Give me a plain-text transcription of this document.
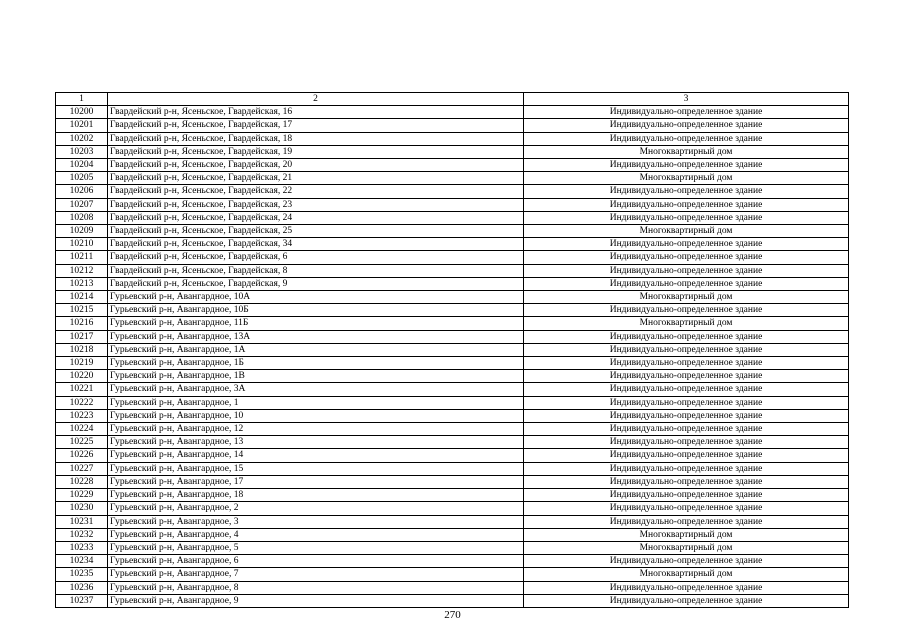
1	2	3
10200	Гвардейский р-н, Ясеньское, Гвардейская, 16	Индивидуально-определенное здание
10201	Гвардейский р-н, Ясеньское, Гвардейская, 17	Индивидуально-определенное здание
10202	Гвардейский р-н, Ясеньское, Гвардейская, 18	Индивидуально-определенное здание
10203	Гвардейский р-н, Ясеньское, Гвардейская, 19	Многоквартирный дом
10204	Гвардейский р-н, Ясеньское, Гвардейская, 20	Индивидуально-определенное здание
10205	Гвардейский р-н, Ясеньское, Гвардейская, 21	Многоквартирный дом
10206	Гвардейский р-н, Ясеньское, Гвардейская, 22	Индивидуально-определенное здание
10207	Гвардейский р-н, Ясеньское, Гвардейская, 23	Индивидуально-определенное здание
10208	Гвардейский р-н, Ясеньское, Гвардейская, 24	Индивидуально-определенное здание
10209	Гвардейский р-н, Ясеньское, Гвардейская, 25	Многоквартирный дом
10210	Гвардейский р-н, Ясеньское, Гвардейская, 34	Индивидуально-определенное здание
10211	Гвардейский р-н, Ясеньское, Гвардейская, 6	Индивидуально-определенное здание
10212	Гвардейский р-н, Ясеньское, Гвардейская, 8	Индивидуально-определенное здание
10213	Гвардейский р-н, Ясеньское, Гвардейская, 9	Индивидуально-определенное здание
10214	Гурьевский р-н, Авангардное, 10А	Многоквартирный дом
10215	Гурьевский р-н, Авангардное, 10Б	Индивидуально-определенное здание
10216	Гурьевский р-н, Авангардное, 11Б	Многоквартирный дом
10217	Гурьевский р-н, Авангардное, 13А	Индивидуально-определенное здание
10218	Гурьевский р-н, Авангардное, 1А	Индивидуально-определенное здание
10219	Гурьевский р-н, Авангардное, 1Б	Индивидуально-определенное здание
10220	Гурьевский р-н, Авангардное, 1В	Индивидуально-определенное здание
10221	Гурьевский р-н, Авангардное, 3А	Индивидуально-определенное здание
10222	Гурьевский р-н, Авангардное, 1	Индивидуально-определенное здание
10223	Гурьевский р-н, Авангардное, 10	Индивидуально-определенное здание
10224	Гурьевский р-н, Авангардное, 12	Индивидуально-определенное здание
10225	Гурьевский р-н, Авангардное, 13	Индивидуально-определенное здание
10226	Гурьевский р-н, Авангардное, 14	Индивидуально-определенное здание
10227	Гурьевский р-н, Авангардное, 15	Индивидуально-определенное здание
10228	Гурьевский р-н, Авангардное, 17	Индивидуально-определенное здание
10229	Гурьевский р-н, Авангардное, 18	Индивидуально-определенное здание
10230	Гурьевский р-н, Авангардное, 2	Индивидуально-определенное здание
10231	Гурьевский р-н, Авангардное, 3	Индивидуально-определенное здание
10232	Гурьевский р-н, Авангардное, 4	Многоквартирный дом
10233	Гурьевский р-н, Авангардное, 5	Многоквартирный дом
10234	Гурьевский р-н, Авангардное, 6	Индивидуально-определенное здание
10235	Гурьевский р-н, Авангардное, 7	Многоквартирный дом
10236	Гурьевский р-н, Авангардное, 8	Индивидуально-определенное здание
10237	Гурьевский р-н, Авангардное, 9	Индивидуально-определенное здание
270
